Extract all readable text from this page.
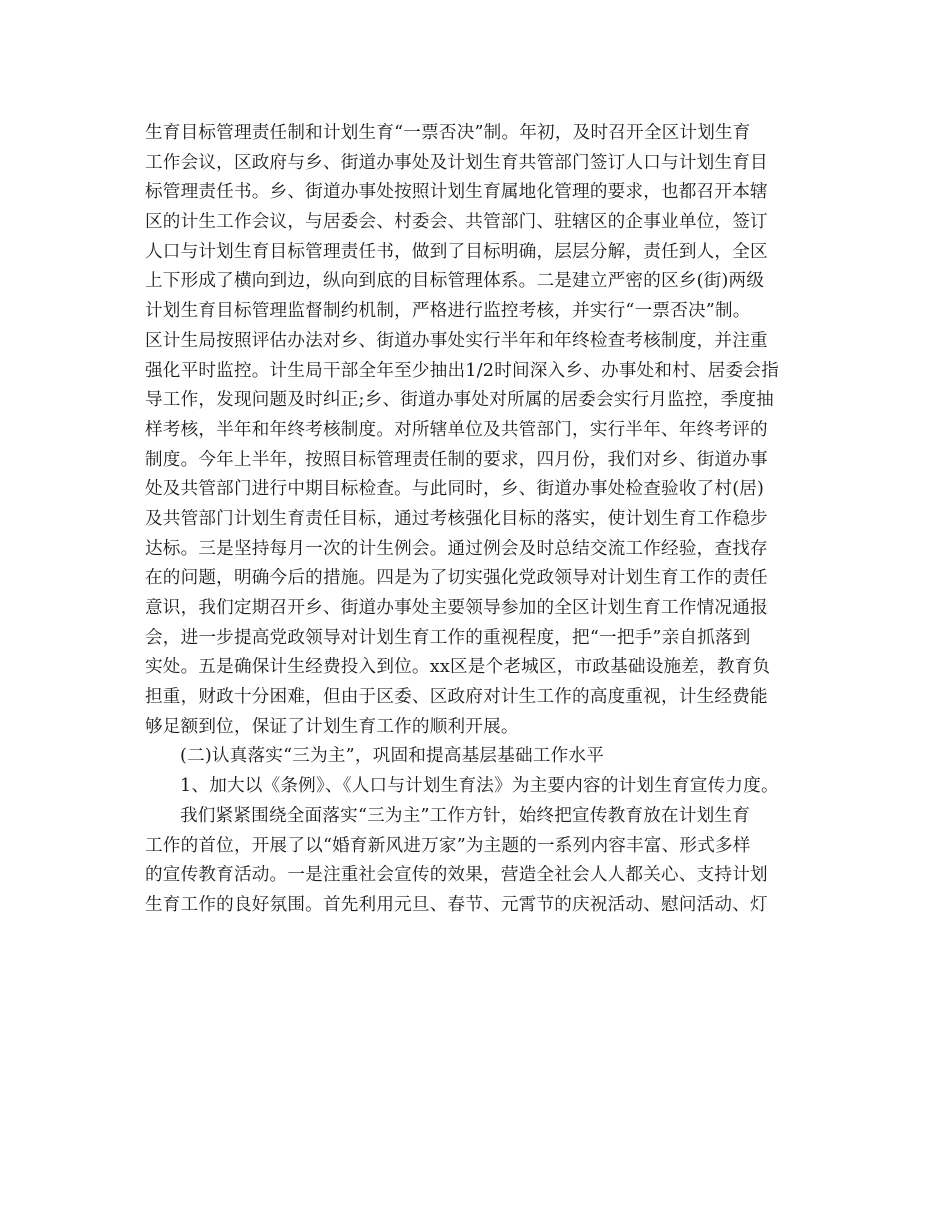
生育目标管理责任制和计划生育“一票否决”制。年初，及时召开全区计划生育
工作会议，区政府与乡、街道办事处及计划生育共管部门签订人口与计划生育目
标管理责任书。乡、街道办事处按照计划生育属地化管理的要求，也都召开本辖
区的计生工作会议，与居委会、村委会、共管部门、驻辖区的企事业单位，签订
人口与计划生育目标管理责任书，做到了目标明确，层层分解，责任到人，全区
上下形成了横向到边，纵向到底的目标管理体系。二是建立严密的区乡(街)两级
计划生育目标管理监督制约机制，严格进行监控考核，并实行“一票否决”制。
区计生局按照评估办法对乡、街道办事处实行半年和年终检查考核制度，并注重
强化平时监控。计生局干部全年至少抽出1/2时间深入乡、办事处和村、居委会指
导工作，发现问题及时纠正;乡、街道办事处对所属的居委会实行月监控，季度抽
样考核，半年和年终考核制度。对所辖单位及共管部门，实行半年、年终考评的
制度。今年上半年，按照目标管理责任制的要求，四月份，我们对乡、街道办事
处及共管部门进行中期目标检查。与此同时，乡、街道办事处检查验收了村(居)
及共管部门计划生育责任目标，通过考核强化目标的落实，使计划生育工作稳步
达标。三是坚持每月一次的计生例会。通过例会及时总结交流工作经验，查找存
在的问题，明确今后的措施。四是为了切实强化党政领导对计划生育工作的责任
意识，我们定期召开乡、街道办事处主要领导参加的全区计划生育工作情况通报
会，进一步提高党政领导对计划生育工作的重视程度，把“一把手”亲自抓落到
实处。五是确保计生经费投入到位。xx区是个老城区，市政基础设施差，教育负
担重，财政十分困难，但由于区委、区政府对计生工作的高度重视，计生经费能
够足额到位，保证了计划生育工作的顺利开展。
(二)认真落实“三为主”，巩固和提高基层基础工作水平
1、加大以《条例》、《人口与计划生育法》为主要内容的计划生育宣传力度。
我们紧紧围绕全面落实“三为主”工作方针，始终把宣传教育放在计划生育
工作的首位，开展了以“婚育新风进万家”为主题的一系列内容丰富、形式多样
的宣传教育活动。一是注重社会宣传的效果，营造全社会人人都关心、支持计划
生育工作的良好氛围。首先利用元旦、春节、元霄节的庆祝活动、慰问活动、灯
